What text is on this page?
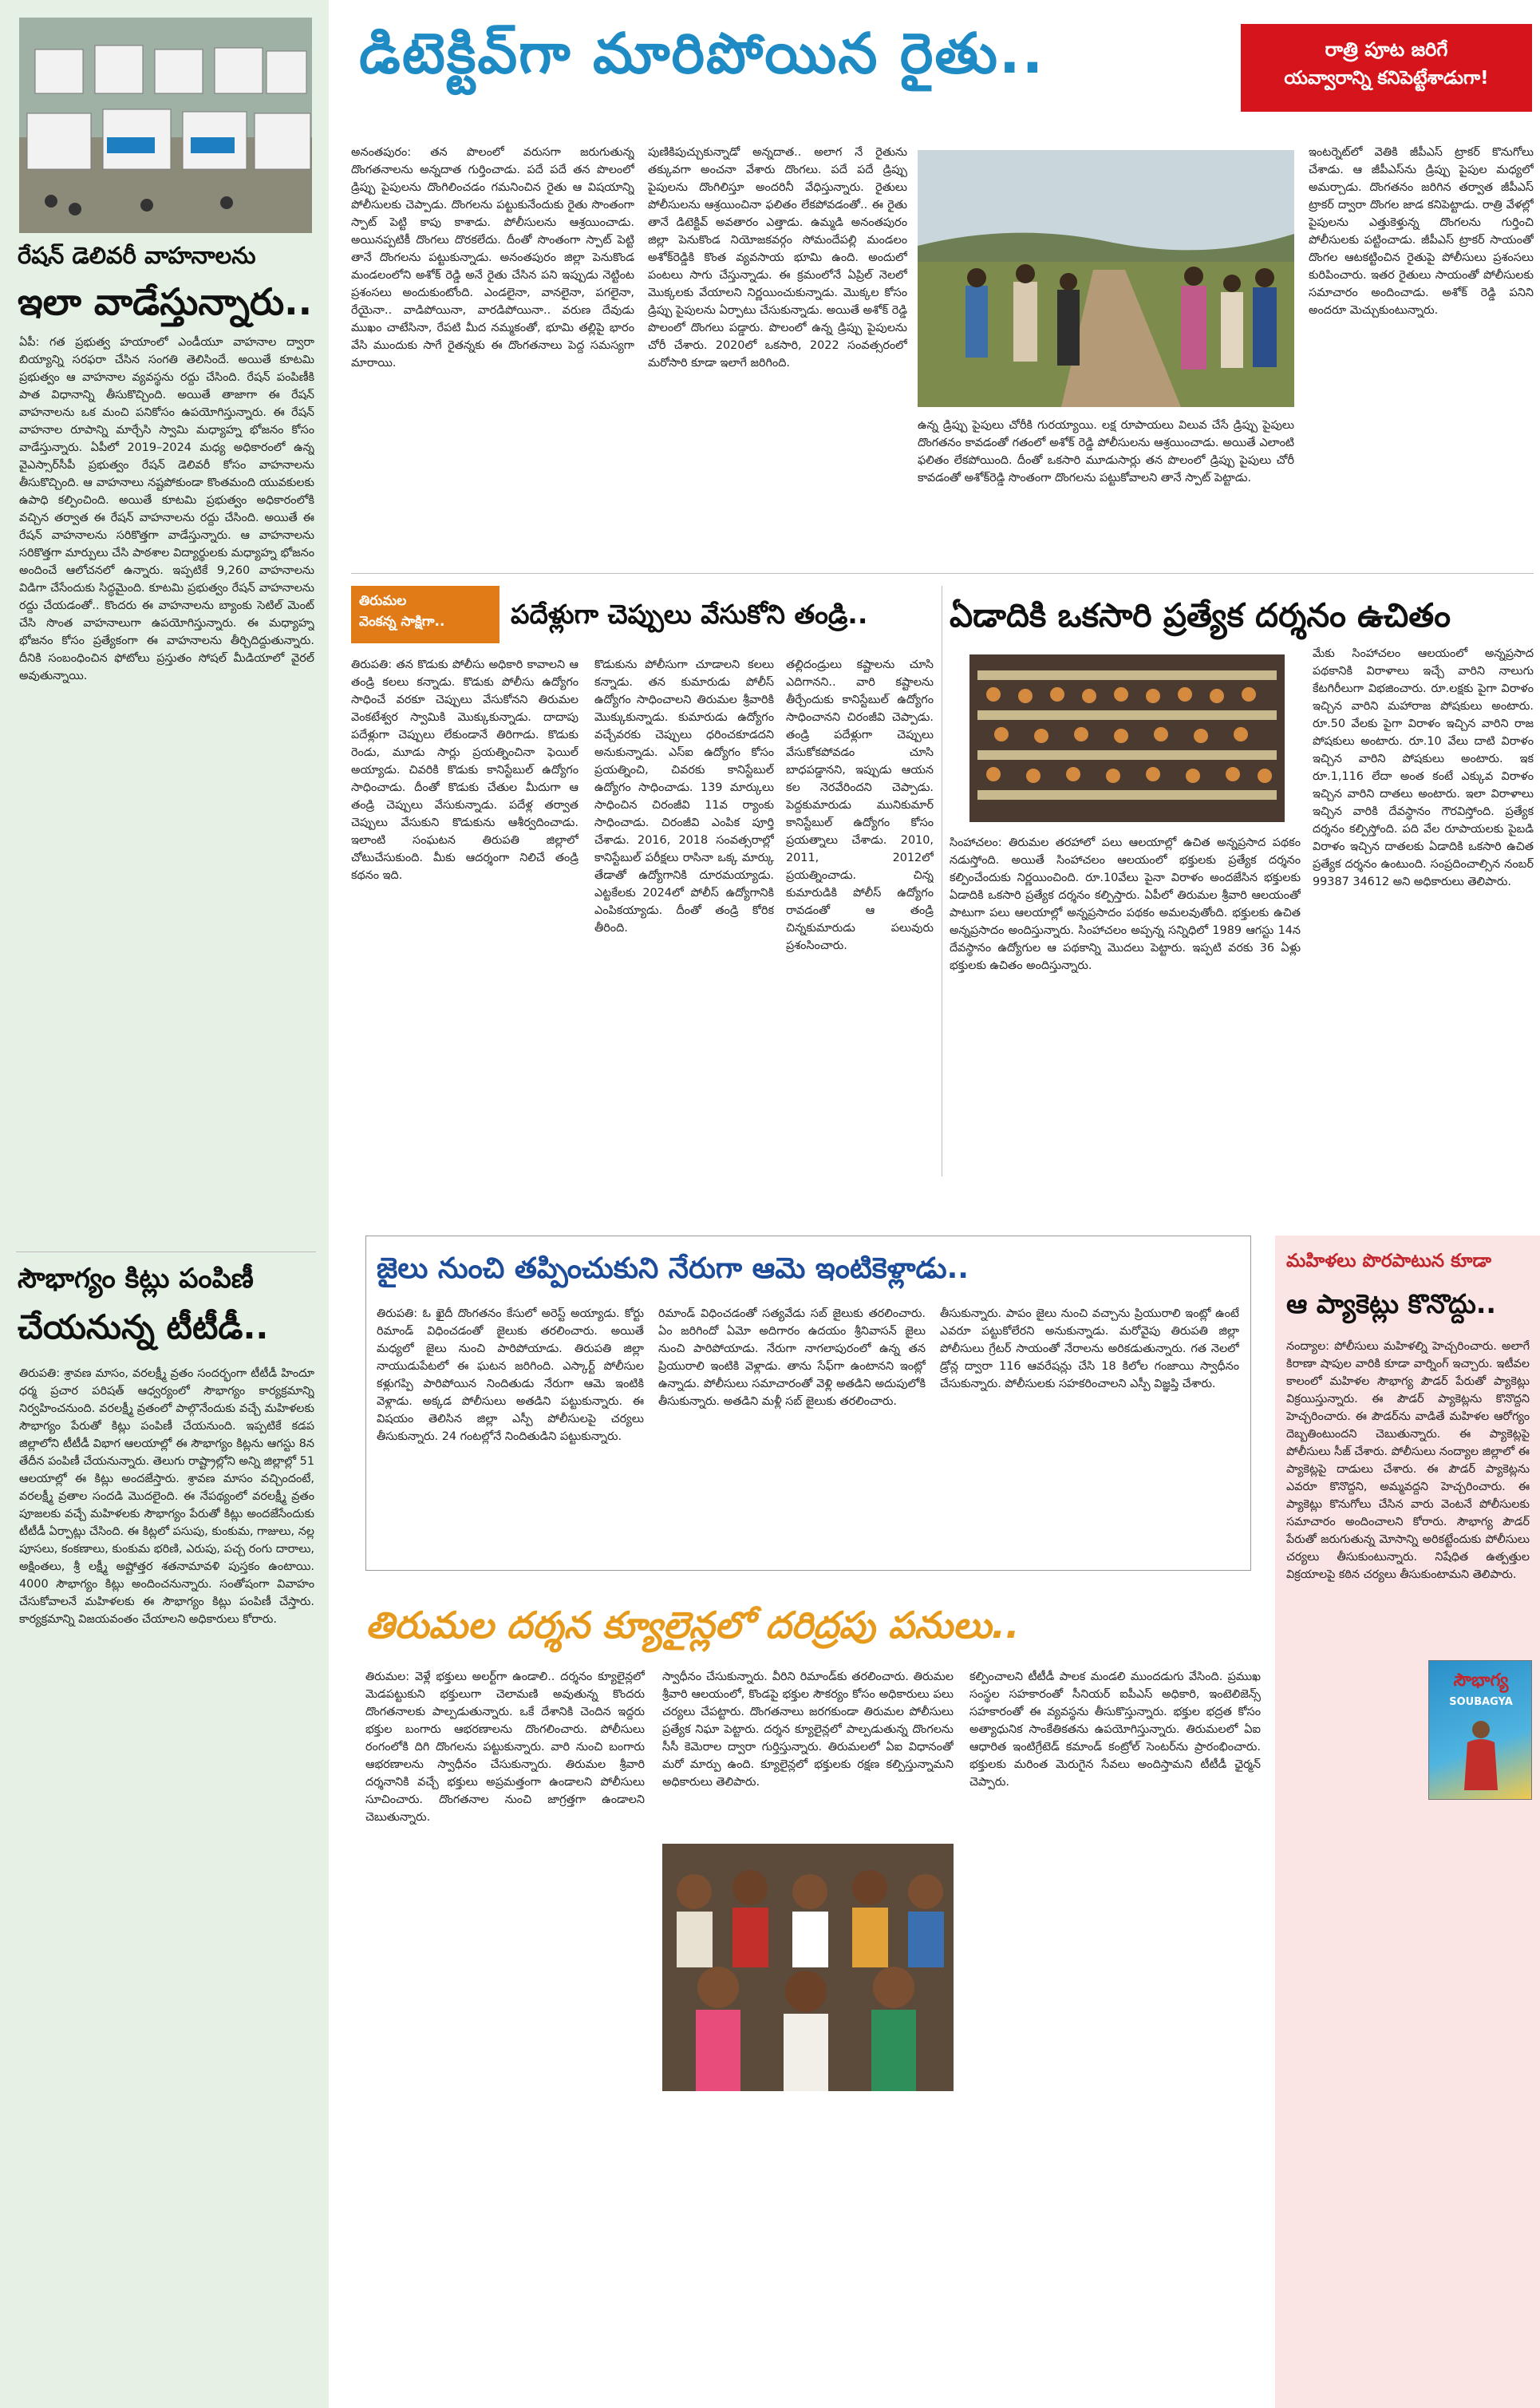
రేషన్ డెలివరీ వాహనాలను
ఇలా వాడేస్తున్నారు..
ఏపీ: గత ప్రభుత్వ హయాంలో ఎండీయూ వాహనాల ద్వారా బియ్యాన్ని సరఫరా చేసిన సంగతి తెలిసిందే. అయితే కూటమి ప్రభుత్వం ఆ వాహనాల వ్యవస్థను రద్దు చేసింది. రేషన్ పంపిణీకి పాత విధానాన్ని తీసుకొచ్చింది. అయితే తాజాగా ఈ రేషన్ వాహనాలను ఒక మంచి పనికోసం ఉపయోగిస్తున్నారు. ఈ రేషన్ వాహనాల రూపాన్ని మార్చేసి స్వామి మధ్యాహ్న భోజనం కోసం వాడేస్తున్నారు. ఏపీలో 2019–2024 మధ్య అధికారంలో ఉన్న వైఎస్సార్‌సీపీ ప్రభుత్వం రేషన్ డెలివరీ కోసం వాహనాలను తీసుకొచ్చింది. ఆ వాహనాలు నష్టపోకుండా కొంతమంది యువకులకు ఉపాధి కల్పించింది. అయితే కూటమి ప్రభుత్వం అధికారంలోకి వచ్చిన తర్వాత ఈ రేషన్ వాహనాలను రద్దు చేసింది. అయితే ఈ రేషన్ వాహనాలను సరికొత్తగా వాడేస్తున్నారు. ఆ వాహనాలను సరికొత్తగా మార్పులు చేసి పాఠశాల విద్యార్థులకు మధ్యాహ్న భోజనం అందించే ఆలోచనలో ఉన్నారు. ఇప్పటికే 9,260 వాహనాలను విడిగా చేసేందుకు సిద్ధమైంది. కూటమి ప్రభుత్వం రేషన్ వాహనాలను రద్దు చేయడంతో.. కొందరు ఈ వాహనాలను బ్యాంకు సెటిల్ మెంట్ చేసి సొంత వాహనాలుగా ఉపయోగిస్తున్నారు. ఈ మధ్యాహ్న భోజనం కోసం ప్రత్యేకంగా ఈ వాహనాలను తీర్చిదిద్దుతున్నారు. దీనికి సంబంధించిన ఫోటోలు ప్రస్తుతం సోషల్ మీడియాలో వైరల్ అవుతున్నాయి.
సౌభాగ్యం కిట్లు పంపిణీ
చేయనున్న టీటీడీ..
తిరుపతి: శ్రావణ మాసం, వరలక్ష్మీ వ్రతం సందర్భంగా టీటీడీ హిందూ ధర్మ ప్రచార పరిషత్ ఆధ్వర్యంలో సౌభాగ్యం కార్యక్రమాన్ని నిర్వహించనుంది. వరలక్ష్మీ వ్రతంలో పాల్గొనేందుకు వచ్చే మహిళలకు సౌభాగ్యం పేరుతో కిట్లు పంపిణీ చేయనుంది. ఇప్పటికే కడప జిల్లాలోని టీటీడీ విభాగ ఆలయాల్లో ఈ సౌభాగ్యం కిట్లను ఆగస్టు 8న తేదీన పంపిణీ చేయనున్నారు. తెలుగు రాష్ట్రాల్లోని అన్ని జిల్లాల్లో 51 ఆలయాల్లో ఈ కిట్లు అందజేస్తారు. శ్రావణ మాసం వచ్చిందంటే, వరలక్ష్మీ వ్రతాల సందడి మొదలైంది. ఈ నేపథ్యంలో వరలక్ష్మీ వ్రతం పూజలకు వచ్చే మహిళలకు సౌభాగ్యం పేరుతో కిట్లు అందజేసేందుకు టీటీడీ ఏర్పాట్లు చేసింది. ఈ కిట్లలో పసుపు, కుంకుమ, గాజులు, నల్ల పూసలు, కంకణాలు, కుంకుమ భరిణి, ఎరుపు, పచ్చ రంగు దారాలు, అక్షింతలు, శ్రీ లక్ష్మీ అష్టోత్తర శతనామావళి పుస్తకం ఉంటాయి. 4000 సౌభాగ్యం కిట్లు అందించనున్నారు. సంతోషంగా వివాహం చేసుకోవాలనే మహిళలకు ఈ సౌభాగ్యం కిట్లు పంపిణీ చేస్తారు. కార్యక్రమాన్ని విజయవంతం చేయాలని అధికారులు కోరారు.
డిటెక్టివ్‌గా మారిపోయిన రైతు..	రాత్రి పూట జరిగే
యవ్వారాన్ని కనిపెట్టేశాడుగా!
అనంతపురం: తన పొలంలో వరుసగా జరుగుతున్న దొంగతనాలను అన్నదాత గుర్తించాడు. పదే పదే తన పొలంలో డ్రిప్పు పైపులను దొంగిలించడం గమనించిన రైతు ఆ విషయాన్ని పోలీసులకు చెప్పాడు. దొంగలను పట్టుకునేందుకు రైతు సొంతంగా స్పాట్ పెట్టి కాపు కాశాడు. పోలీసులను ఆశ్రయించాడు. అయినప్పటికీ దొంగలు దొరకలేదు. దీంతో సొంతంగా స్పాట్ పెట్టి తానే దొంగలను పట్టుకున్నాడు. అనంతపురం జిల్లా పెనుకొండ మండలంలోని అశోక్ రెడ్డి అనే రైతు చేసిన పని ఇప్పుడు నెట్టింట ప్రశంసలు అందుకుంటోంది. ఎండలైనా, వానలైనా, పగలైనా, రేయైనా.. వాడిపోయినా, వారడిపోయినా.. వరుణ దేవుడు ముఖం చాటేసినా, రేపటి మీద నమ్మకంతో, భూమి తల్లిపై భారం వేసి ముందుకు సాగే రైతన్నకు ఈ దొంగతనాలు పెద్ద సమస్యగా మారాయి.
పుణికిపుచ్చుకున్నాడో అన్నదాత.. అలాగ నే రైతును తక్కువగా అంచనా వేశారు దొంగలు. పదే పదే డ్రిప్పు పైపులను దొంగిలిస్తూ అందరినీ వేధిస్తున్నారు. రైతులు పోలీసులను ఆశ్రయించినా ఫలితం లేకపోవడంతో.. ఈ రైతు తానే డిటెక్టివ్ అవతారం ఎత్తాడు. ఉమ్మడి అనంతపురం జిల్లా పెనుకొండ నియోజకవర్గం సోమందేపల్లి మండలం అశోక్‌రెడ్డికి కొంత వ్యవసాయ భూమి ఉంది. అందులో పంటలు సాగు చేస్తున్నాడు. ఈ క్రమంలోనే ఏప్రిల్ నెలలో మొక్కలకు వేయాలని నిర్ణయించుకున్నాడు. మొక్కల కోసం డ్రిప్పు పైపులను ఏర్పాటు చేసుకున్నాడు. అయితే అశోక్ రెడ్డి పొలంలో దొంగలు పడ్డారు. పొలంలో ఉన్న డ్రిప్పు పైపులను చోరీ చేశారు. 2020లో ఒకసారి, 2022 సంవత్సరంలో మరోసారి కూడా ఇలాగే జరిగింది.
ఉన్న డ్రిప్పు పైపులు చోరీకి గురయ్యాయి. లక్ష రూపాయలు విలువ చేసే డ్రిప్పు పైపులు దొంగతనం కావడంతో గతంలో అశోక్ రెడ్డి పోలీసులను ఆశ్రయించాడు. అయితే ఎలాంటి ఫలితం లేకపోయింది. దీంతో ఒకసారి మూడుసార్లు తన పొలంలో డ్రిప్పు పైపులు చోరీ కావడంతో అశోక్‌రెడ్డి సొంతంగా దొంగలను పట్టుకోవాలని తానే స్పాట్ పెట్టాడు.
ఇంటర్నెట్‌లో వెతికి జీపీఎస్ ట్రాకర్ కొనుగోలు చేశాడు. ఆ జీపీఎస్‌ను డ్రిప్పు పైపుల మధ్యలో అమర్చాడు. దొంగతనం జరిగిన తర్వాత జీపీఎస్ ట్రాకర్ ద్వారా దొంగల జాడ కనిపెట్టాడు. రాత్రి వేళల్లో పైపులను ఎత్తుకెళ్తున్న దొంగలను గుర్తించి పోలీసులకు పట్టించాడు. జీపీఎస్ ట్రాకర్ సాయంతో దొంగల ఆటకట్టించిన రైతుపై పోలీసులు ప్రశంసలు కురిపించారు. ఇతర రైతులు సాయంతో పోలీసులకు సమాచారం అందించాడు. అశోక్ రెడ్డి పనిని అందరూ మెచ్చుకుంటున్నారు.
తిరుమల
వెంకన్న సాక్షిగా..	పదేళ్లుగా చెప్పులు వేసుకోని తండ్రి..
తిరుపతి: తన కొడుకు పోలీసు అధికారి కావాలని ఆ తండ్రి కలలు కన్నాడు. కొడుకు పోలీసు ఉద్యోగం సాధించే వరకూ చెప్పులు వేసుకోనని తిరుమల వెంకటేశ్వర స్వామికి మొక్కుకున్నాడు. దాదాపు పదేళ్లుగా చెప్పులు లేకుండానే తిరిగాడు. కొడుకు రెండు, మూడు సార్లు ప్రయత్నించినా ఫెయిల్ అయ్యాడు. చివరికి కొడుకు కానిస్టేబుల్ ఉద్యోగం సాధించాడు. దీంతో కొడుకు చేతుల మీదుగా ఆ తండ్రి చెప్పులు వేసుకున్నాడు. పదేళ్ల తర్వాత చెప్పులు వేసుకుని కొడుకును ఆశీర్వదించాడు. ఇలాంటి సంఘటన తిరుపతి జిల్లాలో చోటుచేసుకుంది. మీకు ఆదర్శంగా నిలిచే తండ్రి కథనం ఇది.
కొడుకును పోలీసుగా చూడాలని కలలు కన్నాడు. తన కుమారుడు పోలీస్ ఉద్యోగం సాధించాలని తిరుమల శ్రీవారికి మొక్కుకున్నాడు. కుమారుడు ఉద్యోగం వచ్చేవరకు చెప్పులు ధరించకూడదని అనుకున్నాడు. ఎస్‌ఐ ఉద్యోగం కోసం ప్రయత్నించి, చివరకు కానిస్టేబుల్ ఉద్యోగం సాధించాడు. 139 మార్కులు సాధించిన చిరంజీవి 11వ ర్యాంకు సాధించాడు. చిరంజీవి ఎంపిక పూర్తి చేశాడు. 2016, 2018 సంవత్సరాల్లో కానిస్టేబుల్ పరీక్షలు రాసినా ఒక్క మార్కు తేడాతో ఉద్యోగానికి దూరమయ్యాడు. ఎట్టకేలకు 2024లో పోలీస్ ఉద్యోగానికి ఎంపికయ్యాడు. దీంతో తండ్రి కోరిక తీరింది.
తల్లిదండ్రులు కష్టాలను చూసి ఎదిగానని.. వారి కష్టాలను తీర్చేందుకు కానిస్టేబుల్ ఉద్యోగం సాధించానని చిరంజీవి చెప్పాడు. తండ్రి పదేళ్లుగా చెప్పులు వేసుకోకపోవడం చూసి బాధపడ్డానని, ఇప్పుడు ఆయన కల నెరవేరిందని చెప్పాడు. పెద్దకుమారుడు మునికుమార్ కానిస్టేబుల్ ఉద్యోగం కోసం ప్రయత్నాలు చేశాడు. 2010, 2011, 2012లో ప్రయత్నించాడు. చిన్న కుమారుడికి పోలీస్ ఉద్యోగం రావడంతో ఆ తండ్రి చిన్నకుమారుడు పలువురు ప్రశంసించారు.
ఏడాదికి ఒకసారి ప్రత్యేక దర్శనం ఉచితం
సింహాచలం: తిరుమల తరహాలో పలు ఆలయాల్లో ఉచిత అన్నప్రసాద పథకం నడుస్తోంది. అయితే సింహాచలం ఆలయంలో భక్తులకు ప్రత్యేక దర్శనం కల్పించేందుకు నిర్ణయించింది. రూ.10వేలు పైనా విరాళం అందజేసిన భక్తులకు ఏడాదికి ఒకసారి ప్రత్యేక దర్శనం కల్పిస్తారు. ఏపీలో తిరుమల శ్రీవారి ఆలయంతో పాటుగా పలు ఆలయాల్లో అన్నప్రసాదం పథకం అమలవుతోంది. భక్తులకు ఉచిత అన్నప్రసాదం అందిస్తున్నారు. సింహాచలం అప్పన్న సన్నిధిలో 1989 ఆగస్టు 14న దేవస్థానం ఉద్యోగుల ఆ పథకాన్ని మొదలు పెట్టారు. ఇప్పటి వరకు 36 ఏళ్లు భక్తులకు ఉచితం అందిస్తున్నారు.
మేకు సింహాచలం ఆలయంలో అన్నప్రసాద పథకానికి విరాళాలు ఇచ్చే వారిని నాలుగు కేటగిరీలుగా విభజించారు. రూ.లక్షకు పైగా విరాళం ఇచ్చిన వారిని మహారాజ పోషకులు అంటారు. రూ.50 వేలకు పైగా విరాళం ఇచ్చిన వారిని రాజ పోషకులు అంటారు. రూ.10 వేలు దాటి విరాళం ఇచ్చిన వారిని పోషకులు అంటారు. ఇక రూ.1,116 లేదా అంత కంటే ఎక్కువ విరాళం ఇచ్చిన వారిని దాతలు అంటారు. ఇలా విరాళాలు ఇచ్చిన వారికి దేవస్థానం గౌరవిస్తోంది. ప్రత్యేక దర్శనం కల్పిస్తోంది. పది వేల రూపాయలకు పైబడి విరాళం ఇచ్చిన దాతలకు ఏడాదికి ఒకసారి ఉచిత ప్రత్యేక దర్శనం ఉంటుంది. సంప్రదించాల్సిన నంబర్ 99387 34612 అని అధికారులు తెలిపారు.
జైలు నుంచి తప్పించుకుని నేరుగా ఆమె ఇంటికెళ్లాడు..
తిరుపతి: ఓ ఖైదీ దొంగతనం కేసులో అరెస్ట్ అయ్యాడు. కోర్టు రిమాండ్ విధించడంతో జైలుకు తరలించారు. అయితే మధ్యలో జైలు నుంచి పారిపోయాడు. తిరుపతి జిల్లా నాయుడుపేటలో ఈ ఘటన జరిగింది. ఎస్కార్ట్ పోలీసుల కళ్లుగప్పి పారిపోయిన నిందితుడు నేరుగా ఆమె ఇంటికి వెళ్లాడు. అక్కడ పోలీసులు అతడిని పట్టుకున్నారు. ఈ విషయం తెలిసిన జిల్లా ఎస్పీ పోలీసులపై చర్యలు తీసుకున్నారు. 24 గంటల్లోనే నిందితుడిని పట్టుకున్నారు.
రిమాండ్ విధించడంతో సత్యవేడు సబ్ జైలుకు తరలించారు. ఏం జరిగిందో ఏమో అదిగారం ఉదయం శ్రీనివాసన్ జైలు నుంచి పారిపోయాడు. నేరుగా నాగలాపురంలో ఉన్న తన ప్రియురాలి ఇంటికి వెళ్లాడు. తాను సేఫ్‌గా ఉంటానని ఇంట్లో ఉన్నాడు. పోలీసులు సమాచారంతో వెళ్లి అతడిని అదుపులోకి తీసుకున్నారు. అతడిని మళ్లీ సబ్ జైలుకు తరలించారు.
తీసుకున్నారు. పాపం జైలు నుంచి వచ్చాను ప్రియురాలి ఇంట్లో ఉంటే ఎవరూ పట్టుకోలేరని అనుకున్నాడు. మరోవైపు తిరుపతి జిల్లా పోలీసులు గ్రేటర్ సాయంతో నేరాలను అరికడుతున్నారు. గత నెలలో డ్రోన్ల ద్వారా 116 ఆవరేషన్లు చేసి 18 కిలోల గంజాయి స్వాధీనం చేసుకున్నారు. పోలీసులకు సహకరించాలని ఎస్పీ విజ్ఞప్తి చేశారు.
తిరుమల దర్శన క్యూలైన్లలో దరిద్రపు పనులు..
తిరుమల: వెళ్లే భక్తులు అలర్ట్‌గా ఉండాలి.. దర్శనం క్యూలైన్లలో మెడపట్టుకుని భక్తులుగా చెలామణి అవుతున్న కొందరు దొంగతనాలకు పాల్పడుతున్నారు. ఒకే దేశానికి చెందిన ఇద్దరు భక్తుల బంగారు ఆభరణాలను దొంగలించారు. పోలీసులు రంగంలోకి దిగి దొంగలను పట్టుకున్నారు. వారి నుంచి బంగారు ఆభరణాలను స్వాధీనం చేసుకున్నారు. తిరుమల శ్రీవారి దర్శనానికి వచ్చే భక్తులు అప్రమత్తంగా ఉండాలని పోలీసులు సూచించారు. దొంగతనాల నుంచి జాగ్రత్తగా ఉండాలని చెబుతున్నారు.
స్వాధీనం చేసుకున్నారు. వీరిని రిమాండ్‌కు తరలించారు. తిరుమల శ్రీవారి ఆలయంలో, కొండపై భక్తుల సౌకర్యం కోసం అధికారులు పలు చర్యలు చేపట్టారు. దొంగతనాలు జరగకుండా తిరుమల పోలీసులు ప్రత్యేక నిఘా పెట్టారు. దర్శన క్యూలైన్లలో పాల్పడుతున్న దొంగలను సీసీ కెమెరాల ద్వారా గుర్తిస్తున్నారు. తిరుమలలో ఏఐ విధానంతో మరో మార్పు ఉంది. క్యూలైన్లలో భక్తులకు రక్షణ కల్పిస్తున్నామని అధికారులు తెలిపారు.
కల్పించాలని టీటీడీ పాలక మండలి ముందడుగు వేసింది. ప్రముఖ సంస్థల సహకారంతో సీనియర్ ఐపీఎస్ అధికారి, ఇంటెలిజెన్స్ సహకారంతో ఈ వ్యవస్థను తీసుకొస్తున్నారు. భక్తుల భద్రత కోసం అత్యాధునిక సాంకేతికతను ఉపయోగిస్తున్నారు. తిరుమలలో ఏఐ ఆధారిత ఇంటిగ్రేటెడ్ కమాండ్ కంట్రోల్ సెంటర్‌ను ప్రారంభించారు. భక్తులకు మరింత మెరుగైన సేవలు అందిస్తామని టీటీడీ ఛైర్మన్ చెప్పారు.
మహిళలు పొరపాటున కూడా
ఆ ప్యాకెట్లు కొనొద్దు..
నంద్యాల: పోలీసులు మహిళల్ని హెచ్చరించారు. అలాగే కిరాణా షాపుల వారికి కూడా వార్నింగ్ ఇచ్చారు. ఇటీవల కాలంలో మహిళల సౌభాగ్య పౌడర్ పేరుతో ప్యాకెట్లు విక్రయిస్తున్నారు. ఈ పౌడర్ ప్యాకెట్లను కొనొద్దని హెచ్చరించారు. ఈ పౌడర్‌ను వాడితే మహిళల ఆరోగ్యం దెబ్బతింటుందని చెబుతున్నారు. ఈ ప్యాకెట్లపై పోలీసులు సీజ్ చేశారు. పోలీసులు నంద్యాల జిల్లాలో ఈ ప్యాకెట్లపై దాడులు చేశారు. ఈ పౌడర్ ప్యాకెట్లను ఎవరూ కొనొద్దని, అమ్మవద్దని హెచ్చరించారు. ఈ ప్యాకెట్లు కొనుగోలు చేసిన వారు వెంటనే పోలీసులకు సమాచారం అందించాలని కోరారు. సౌభాగ్య పౌడర్ పేరుతో జరుగుతున్న మోసాన్ని అరికట్టేందుకు పోలీసులు చర్యలు తీసుకుంటున్నారు. నిషేధిత ఉత్పత్తుల విక్రయాలపై కఠిన చర్యలు తీసుకుంటామని తెలిపారు.
సౌభాగ్య
SOUBAGYA
